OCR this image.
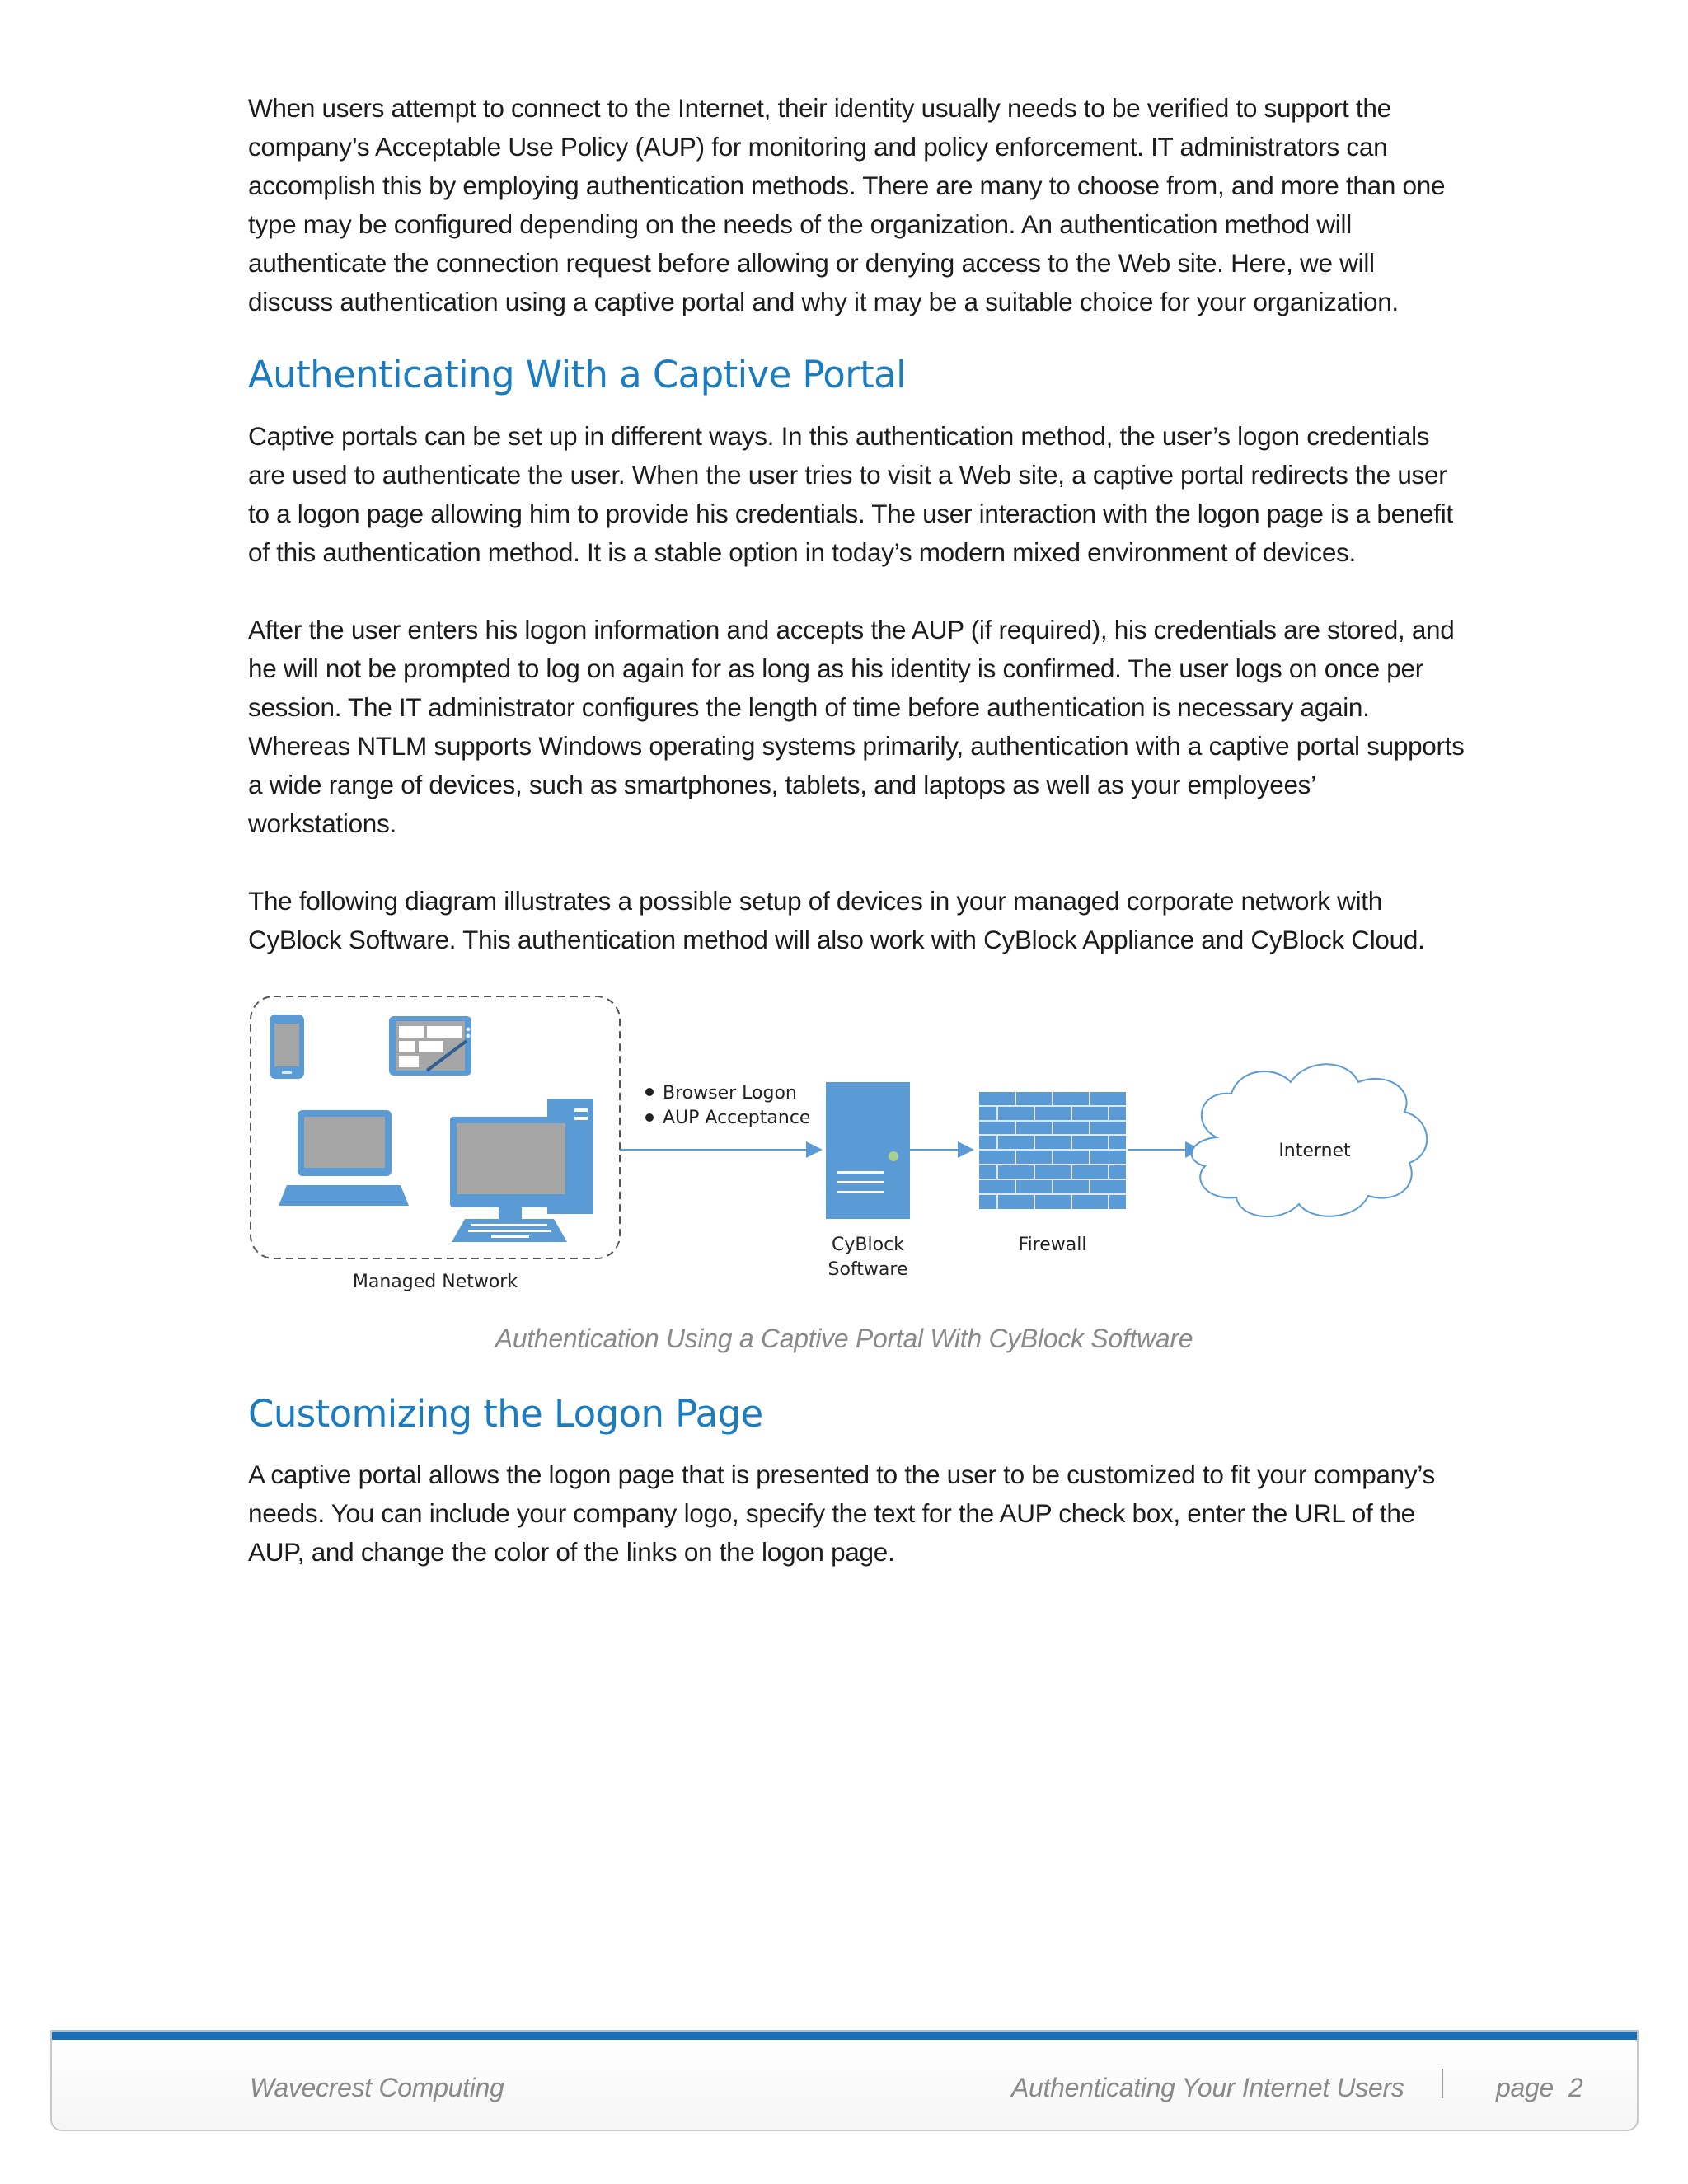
When users attempt to connect to the Internet, their identity usually needs to be verified to support the company’s Acceptable Use Policy (AUP) for monitoring and policy enforcement. IT administrators can accomplish this by employing authentication methods. There are many to choose from, and more than one type may be configured depending on the needs of the organization. An authentication method will authenticate the connection request before allowing or denying access to the Web site. Here, we will discuss authentication using a captive portal and why it may be a suitable choice for your organization.

Authenticating With a Captive Portal

Captive portals can be set up in different ways. In this authentication method, the user’s logon credentials are used to authenticate the user. When the user tries to visit a Web site, a captive portal redirects the user to a logon page allowing him to provide his credentials. The user interaction with the logon page is a benefit of this authentication method. It is a stable option in today’s modern mixed environment of devices.

After the user enters his logon information and accepts the AUP (if required), his credentials are stored, and he will not be prompted to log on again for as long as his identity is confirmed. The user logs on once per session. The IT administrator configures the length of time before authentication is necessary again. Whereas NTLM supports Windows operating systems primarily, authentication with a captive portal supports a wide range of devices, such as smartphones, tablets, and laptops as well as your employees’ workstations.

The following diagram illustrates a possible setup of devices in your managed corporate network with CyBlock Software. This authentication method will also work with CyBlock Appliance and CyBlock Cloud.

Managed Network
Browser Logon
AUP Acceptance
CyBlock
Software
Firewall
Internet
Authentication Using a Captive Portal With CyBlock Software
Customizing the Logon Page

A captive portal allows the logon page that is presented to the user to be customized to fit your company’s needs. You can include your company logo, specify the text for the AUP check box, enter the URL of the AUP, and change the color of the links on the logon page.

Wavecrest Computing	Authenticating Your Internet Users	page 2
